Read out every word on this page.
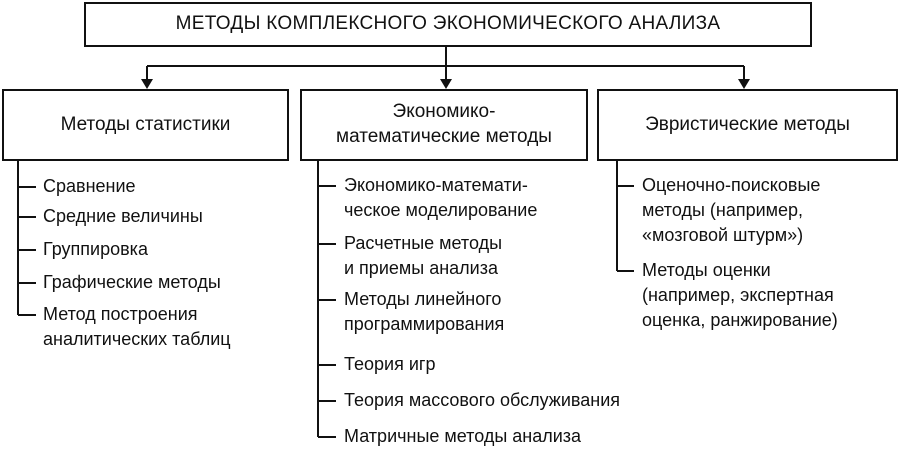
МЕТОДЫ КОМПЛЕКСНОГО ЭКОНОМИЧЕСКОГО АНАЛИЗА
Методы статистики
Экономико-
математические методы
Эвристические методы
Сравнение
Средние величины
Группировка
Графические методы
Метод построения
аналитических таблиц
Экономико-математи-
ческое моделирование
Расчетные методы
и приемы анализа
Методы линейного
программирования
Теория игр
Теория массового обслуживания
Матричные методы анализа
Оценочно-поисковые
методы (например,
«мозговой штурм»)
Методы оценки
(например, экспертная
оценка, ранжирование)
